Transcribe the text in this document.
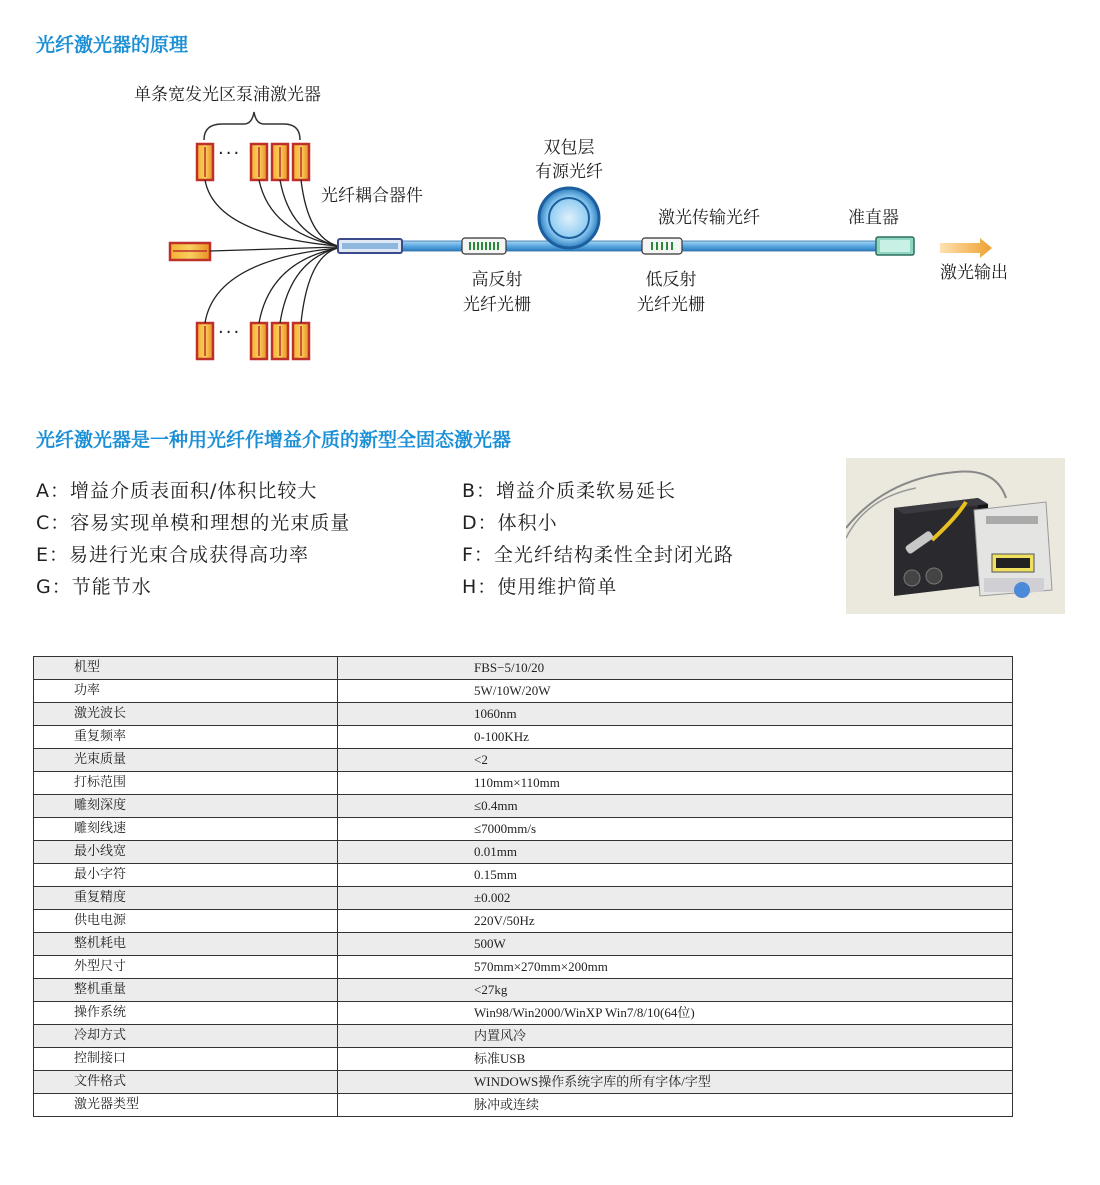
光纤激光器的原理
单条宽发光区泵浦激光器
···
···
光纤耦合器件
双包层
有源光纤
激光传输光纤	准直器
激光输出
高反射
光纤光栅
低反射
光纤光栅
光纤激光器是一种用光纤作增益介质的新型全固态激光器
A：增益介质表面积/体积比较大	B：增益介质柔软易延长
C：容易实现单模和理想的光束质量	D：体积小
E：易进行光束合成获得高功率	F：全光纤结构柔性全封闭光路
G：节能节水	H：使用维护简单
机型	FBS−5/10/20
功率	5W/10W/20W
激光波长	1060nm
重复频率	0-100KHz
光束质量	<2
打标范围	110mm×110mm
雕刻深度	≤0.4mm
雕刻线速	≤7000mm/s
最小线宽	0.01mm
最小字符	0.15mm
重复精度	±0.002
供电电源	220V/50Hz
整机耗电	500W
外型尺寸	570mm×270mm×200mm
整机重量	<27kg
操作系统	Win98/Win2000/WinXP Win7/8/10(64位)
冷却方式	内置风冷
控制接口	标准USB
文件格式	WINDOWS操作系统字库的所有字体/字型
激光器类型	脉冲或连续
